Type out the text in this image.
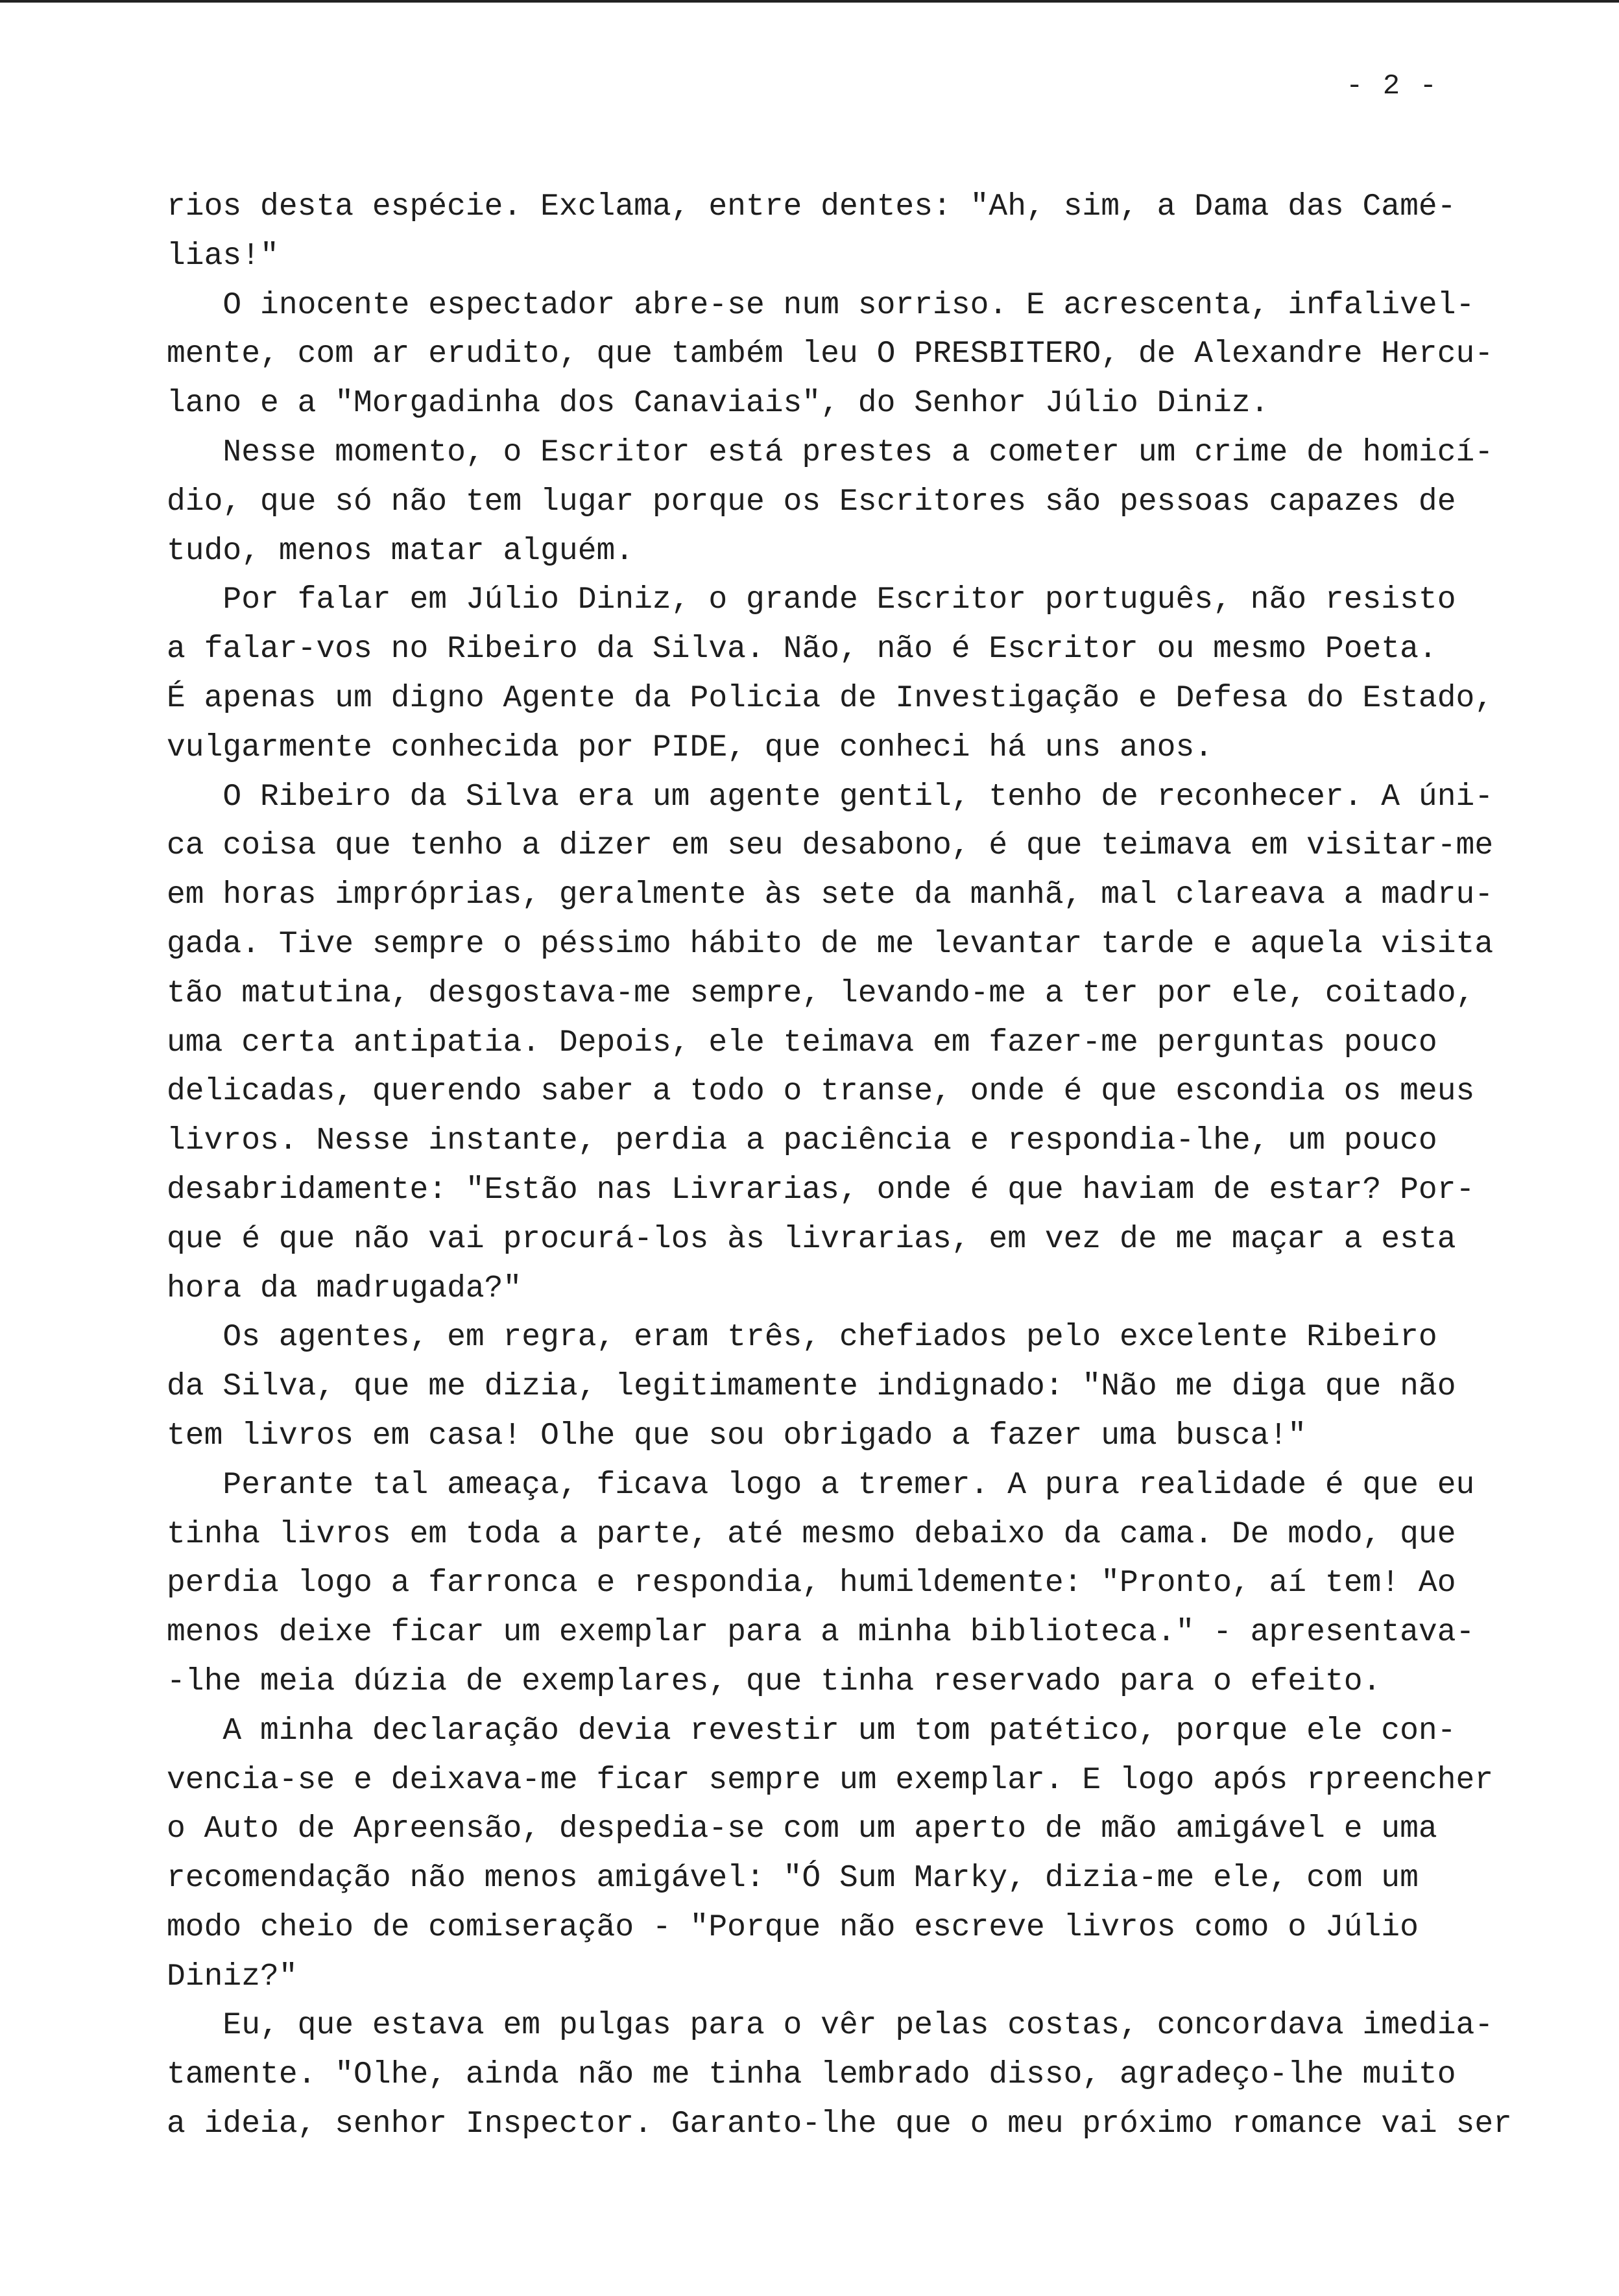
- 2 -
rios desta espécie. Exclama, entre dentes: "Ah, sim, a Dama das Camé-
lias!"
O inocente espectador abre-se num sorriso. E acrescenta, infalivel-
mente, com ar erudito, que também leu O PRESBITERO, de Alexandre Hercu-
lano e a "Morgadinha dos Canaviais", do Senhor Júlio Diniz.
Nesse momento, o Escritor está prestes a cometer um crime de homicí-
dio, que só não tem lugar porque os Escritores são pessoas capazes de
tudo, menos matar alguém.
Por falar em Júlio Diniz, o grande Escritor português, não resisto
a falar-vos no Ribeiro da Silva. Não, não é Escritor ou mesmo Poeta.
É apenas um digno Agente da Policia de Investigação e Defesa do Estado,
vulgarmente conhecida por PIDE, que conheci há uns anos.
O Ribeiro da Silva era um agente gentil, tenho de reconhecer. A úni-
ca coisa que tenho a dizer em seu desabono, é que teimava em visitar-me
em horas impróprias, geralmente às sete da manhã, mal clareava a madru-
gada. Tive sempre o péssimo hábito de me levantar tarde e aquela visita
tão matutina, desgostava-me sempre, levando-me a ter por ele, coitado,
uma certa antipatia. Depois, ele teimava em fazer-me perguntas pouco
delicadas, querendo saber a todo o transe, onde é que escondia os meus
livros. Nesse instante, perdia a paciência e respondia-lhe, um pouco
desabridamente: "Estão nas Livrarias, onde é que haviam de estar? Por-
que é que não vai procurá-los às livrarias, em vez de me maçar a esta
hora da madrugada?"
Os agentes, em regra, eram três, chefiados pelo excelente Ribeiro
da Silva, que me dizia, legitimamente indignado: "Não me diga que não
tem livros em casa! Olhe que sou obrigado a fazer uma busca!"
Perante tal ameaça, ficava logo a tremer. A pura realidade é que eu
tinha livros em toda a parte, até mesmo debaixo da cama. De modo, que
perdia logo a farronca e respondia, humildemente: "Pronto, aí tem! Ao
menos deixe ficar um exemplar para a minha biblioteca." - apresentava-
-lhe meia dúzia de exemplares, que tinha reservado para o efeito.
A minha declaração devia revestir um tom patético, porque ele con-
vencia-se e deixava-me ficar sempre um exemplar. E logo após rpreencher
o Auto de Apreensão, despedia-se com um aperto de mão amigável e uma
recomendação não menos amigável: "Ó Sum Marky, dizia-me ele, com um
modo cheio de comiseração - "Porque não escreve livros como o Júlio
Diniz?"
Eu, que estava em pulgas para o vêr pelas costas, concordava imedia-
tamente. "Olhe, ainda não me tinha lembrado disso, agradeço-lhe muito
a ideia, senhor Inspector. Garanto-lhe que o meu próximo romance vai ser
